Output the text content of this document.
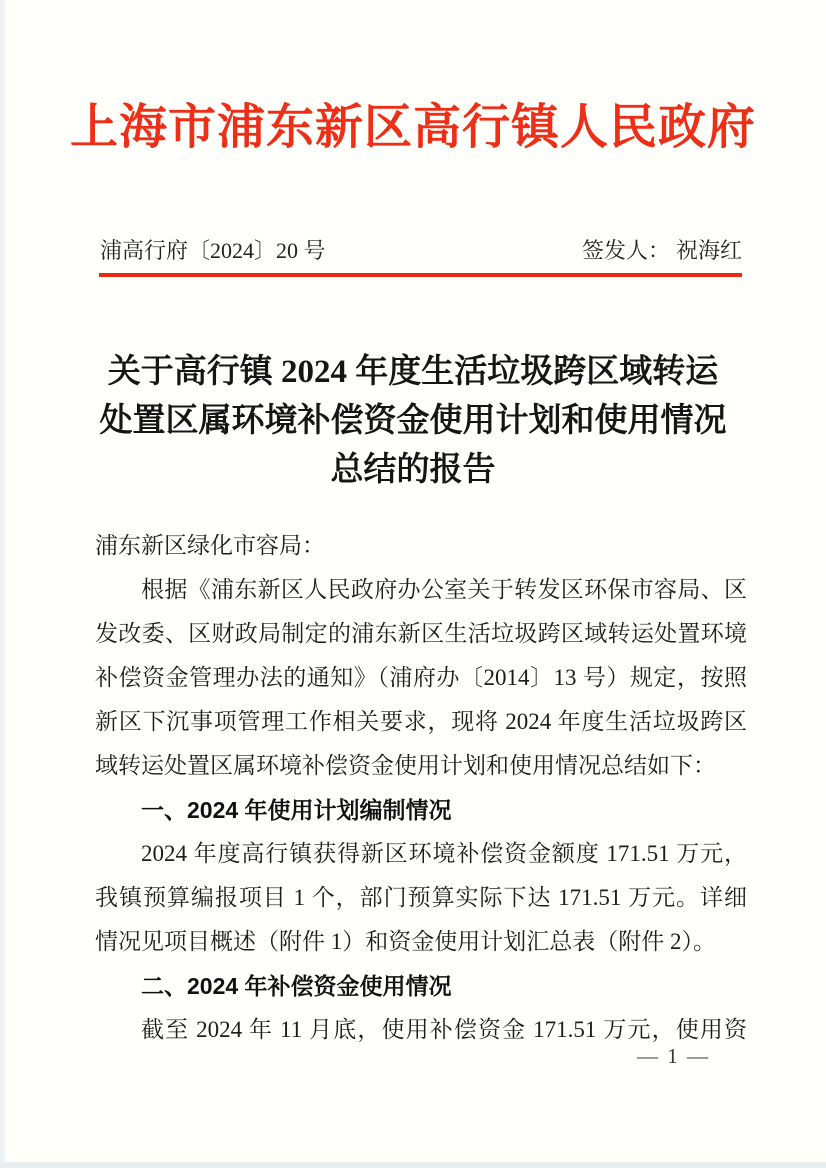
上海市浦东新区高行镇人民政府
浦高行府〔2024〕20 号	签发人： 祝海红
关于高行镇 2024 年度生活垃圾跨区域转运
处置区属环境补偿资金使用计划和使用情况
总结的报告
浦东新区绿化市容局：
根据《浦东新区人民政府办公室关于转发区环保市容局、区
发改委、区财政局制定的浦东新区生活垃圾跨区域转运处置环境
补偿资金管理办法的通知》（浦府办〔2014〕13 号）规定，按照
新区下沉事项管理工作相关要求，现将 2024 年度生活垃圾跨区
域转运处置区属环境补偿资金使用计划和使用情况总结如下：
一、2024 年使用计划编制情况
2024 年度高行镇获得新区环境补偿资金额度 171.51 万元，
我镇预算编报项目 1 个，部门预算实际下达 171.51 万元。详细
情况见项目概述（附件 1）和资金使用计划汇总表（附件 2）。
二、2024 年补偿资金使用情况
截至 2024 年 11 月底，使用补偿资金 171.51 万元，使用资
— 1 —
